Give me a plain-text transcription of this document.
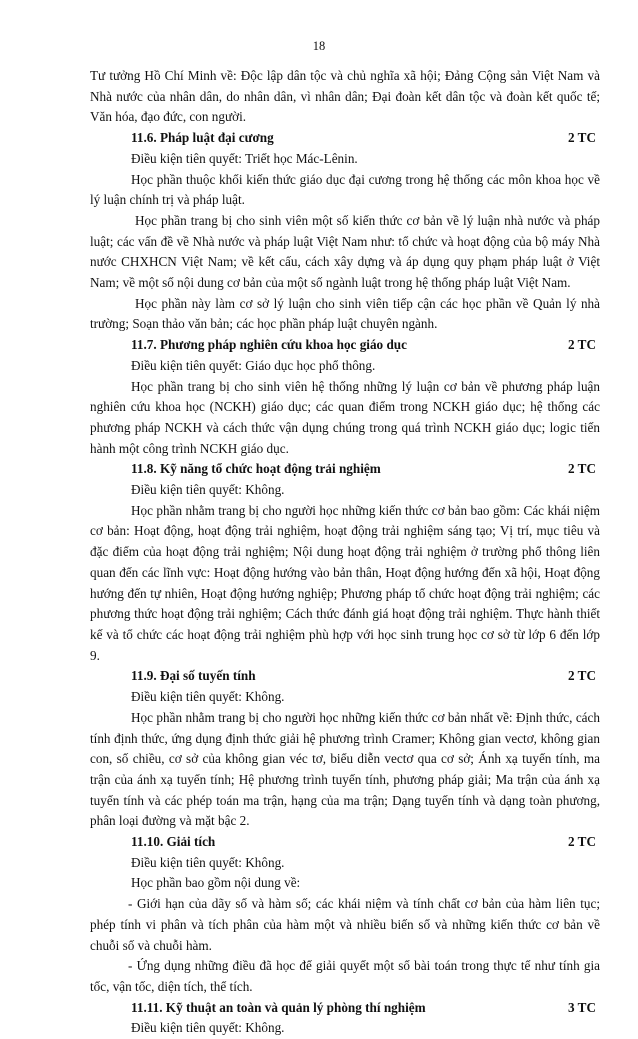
18

Tư tưởng Hồ Chí Minh về: Độc lập dân tộc và chủ nghĩa xã hội; Đảng Cộng sản Việt Nam và Nhà nước của nhân dân, do nhân dân, vì nhân dân; Đại đoàn kết dân tộc và đoàn kết quốc tế; Văn hóa, đạo đức, con người.

11.6. Pháp luật đại cương	2 TC

Điều kiện tiên quyết: Triết học Mác-Lênin.

Học phần thuộc khối kiến thức giáo dục đại cương trong hệ thống các môn khoa học về lý luận chính trị và pháp luật.

Học phần trang bị cho sinh viên một số kiến thức cơ bản về lý luận nhà nước và pháp luật; các vấn đề về Nhà nước và pháp luật Việt Nam như: tổ chức và hoạt động của bộ máy Nhà nước CHXHCN Việt Nam; về kết cấu, cách xây dựng và áp dụng quy phạm pháp luật ở Việt Nam; về một số nội dung cơ bản của một số ngành luật trong hệ thống pháp luật Việt Nam.

Học phần này làm cơ sở lý luận cho sinh viên tiếp cận các học phần về Quản lý nhà trường; Soạn thảo văn bản; các học phần pháp luật chuyên ngành.

11.7. Phương pháp nghiên cứu khoa học giáo dục	2 TC

Điều kiện tiên quyết: Giáo dục học phổ thông.

Học phần trang bị cho sinh viên hệ thống những lý luận cơ bản về phương pháp luận nghiên cứu khoa học (NCKH) giáo dục; các quan điểm trong NCKH giáo dục; hệ thống các phương pháp NCKH và cách thức vận dụng chúng trong quá trình NCKH giáo dục; logic tiến hành một công trình NCKH giáo dục.

11.8. Kỹ năng tổ chức hoạt động trải nghiệm	2 TC

Điều kiện tiên quyết: Không.

Học phần nhằm trang bị cho người học những kiến thức cơ bản bao gồm: Các khái niệm cơ bản: Hoạt động, hoạt động trải nghiệm, hoạt động trải nghiệm sáng tạo; Vị trí, mục tiêu và đặc điểm của hoạt động trải nghiệm; Nội dung hoạt động trải nghiệm ở trường phổ thông liên quan đến các lĩnh vực: Hoạt động hướng vào bản thân, Hoạt động hướng đến xã hội, Hoạt động hướng đến tự nhiên, Hoạt động hướng nghiệp; Phương pháp tổ chức hoạt động trải nghiệm; các phương thức hoạt động trải nghiệm; Cách thức đánh giá hoạt động trải nghiệm. Thực hành thiết kế và tổ chức các hoạt động trải nghiệm phù hợp với học sinh trung học cơ sở từ lớp 6 đến lớp 9.

11.9. Đại số tuyến tính	2 TC

Điều kiện tiên quyết: Không.

Học phần nhằm trang bị cho người học những kiến thức cơ bản nhất về: Định thức, cách tính định thức, ứng dụng định thức giải hệ phương trình Cramer; Không gian vectơ, không gian con, số chiều, cơ sở của không gian véc tơ, biểu diễn vectơ qua cơ sở; Ánh xạ tuyến tính, ma trận của ánh xạ tuyến tính; Hệ phương trình tuyến tính, phương pháp giải; Ma trận của ánh xạ tuyến tính và các phép toán ma trận, hạng của ma trận; Dạng tuyến tính và dạng toàn phương, phân loại đường và mặt bậc 2.

11.10. Giải tích	2 TC

Điều kiện tiên quyết: Không.

Học phần bao gồm nội dung về:

- Giới hạn của dãy số và hàm số; các khái niệm và tính chất cơ bản của hàm liên tục; phép tính vi phân và tích phân của hàm một và nhiều biến số và những kiến thức cơ bản về chuỗi số và chuỗi hàm.

- Ứng dụng những điều đã học để giải quyết một số bài toán trong thực tế như tính gia tốc, vận tốc, diện tích, thể tích.

11.11. Kỹ thuật an toàn và quản lý phòng thí nghiệm	3 TC

Điều kiện tiên quyết: Không.
